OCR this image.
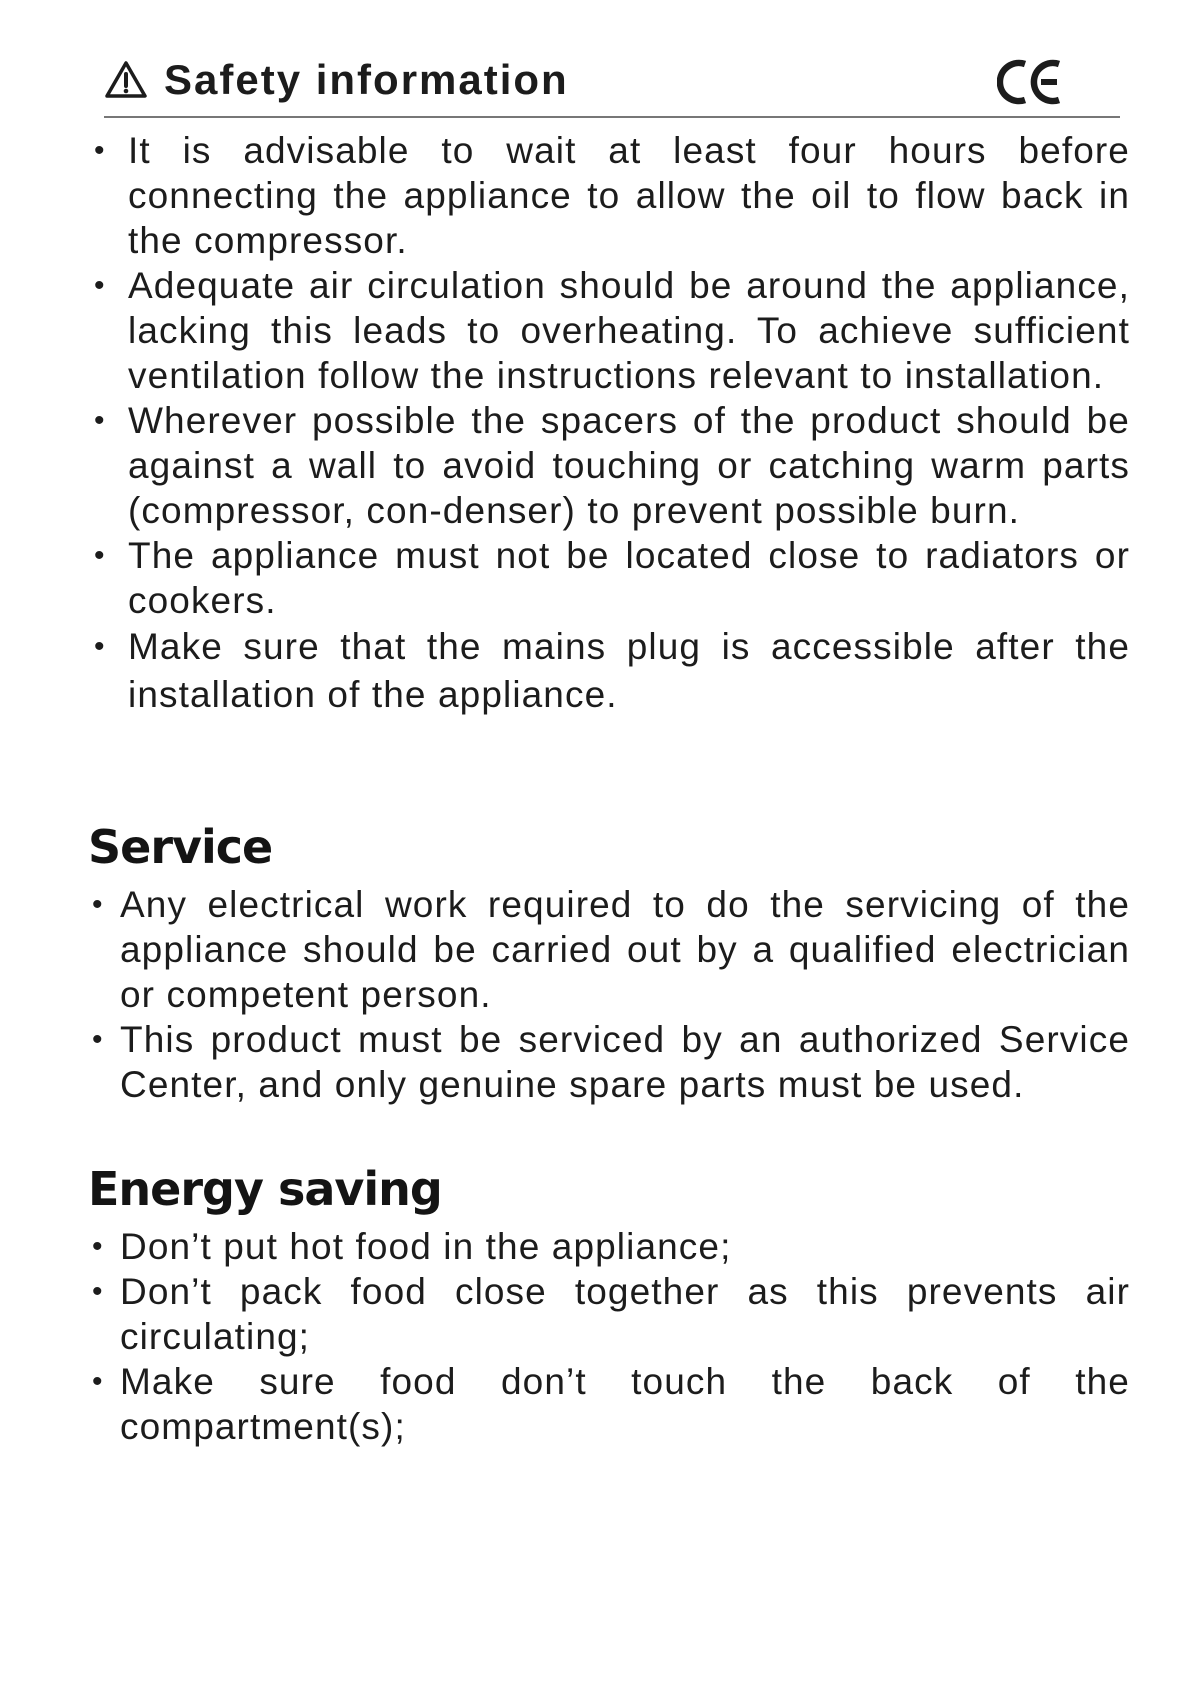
Safety information
• It is advisable to wait at least four hours before connecting the appliance to allow the oil to flow back in the compressor.
• Adequate air circulation should be around the appliance, lacking this leads to overheating. To achieve sufficient ventilation follow the instructions relevant to installation.
• Wherever possible the spacers of the product should be against a wall to avoid touching or catching warm parts (compressor, con-denser) to prevent possible burn.
• The appliance must not be located close to radiators or cookers.
• Make sure that the mains plug is accessible after the installation of the appliance.
Service
• Any electrical work required to do the servicing of the appliance should be carried out by a qualified electrician or competent person.
• This product must be serviced by an authorized Service Center, and only genuine spare parts must be used.
Energy saving
• Don’t put hot food in the appliance;
• Don’t pack food close together as this prevents air circulating;
• Make sure food don’t touch the back of the compartment(s);
